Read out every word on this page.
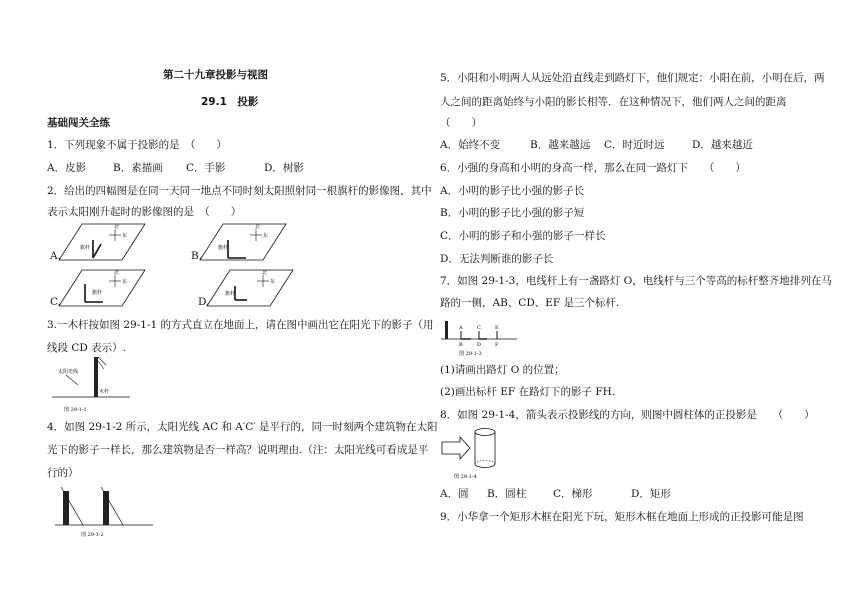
第二十九章投影与视图
29.1　投影
基础闯关全练
1．下列现象不属于投影的是　（　　）
A．皮影	B．素描画 C．手影	D．树影
2．给出的四幅图是在同一天同一地点不同时刻太阳照射同一根旗杆的影像图，其中
表示太阳刚升起时的影像图的是　（　　）
A.
北
东
旗杆
B.
北
东
旗杆
C.
北
东
旗杆
D.
北
东
旗杆
3.一木杆按如图 29-1-1 的方式直立在地面上，请在图中画出它在阳光下的影子（用
线段 CD 表示）.
太阳光线
木杆
图 29-1-1
4．如图 29-1-2 所示，太阳光线 AC 和 A′C′ 是平行的，同一时刻两个建筑物在太阳
光下的影子一样长，那么建筑物是否一样高？说明理由.（注：太阳光线可看成是平
行的）
图 29-1-2
5．小阳和小明两人从远处沿直线走到路灯下，他们规定：小阳在前，小明在后，两
人之间的距离始终与小阳的影长相等．在这种情况下，他们两人之间的距离
（　　）
A．始终不变	B．越来越远 C．时近时远	D．越来越近
6．小强的身高和小明的身高一样，那么在同一路灯下　　（　　）
A．小明的影子比小强的影子长
B．小明的影子比小强的影子短
C．小明的影子和小强的影子一样长
D．无法判断谁的影子长
7．如图 29-1-3，电线杆上有一盏路灯 O，电线杆与三个等高的标杆整齐地排列在马
路的一侧，AB、CD、EF 是三个标杆.
A	C	E
B	D	F
图 29-1-3
(1)请画出路灯 O 的位置；
(2)画出标杆 EF 在路灯下的影子 FH.
8．如图 29-1-4，箭头表示投影线的方向，则图中圆柱体的正投影是　　（　　）
图 29-1-4
A．圆 B．圆柱	C．梯形	D．矩形
9．小华拿一个矩形木框在阳光下玩，矩形木框在地面上形成的正投影可能是图
